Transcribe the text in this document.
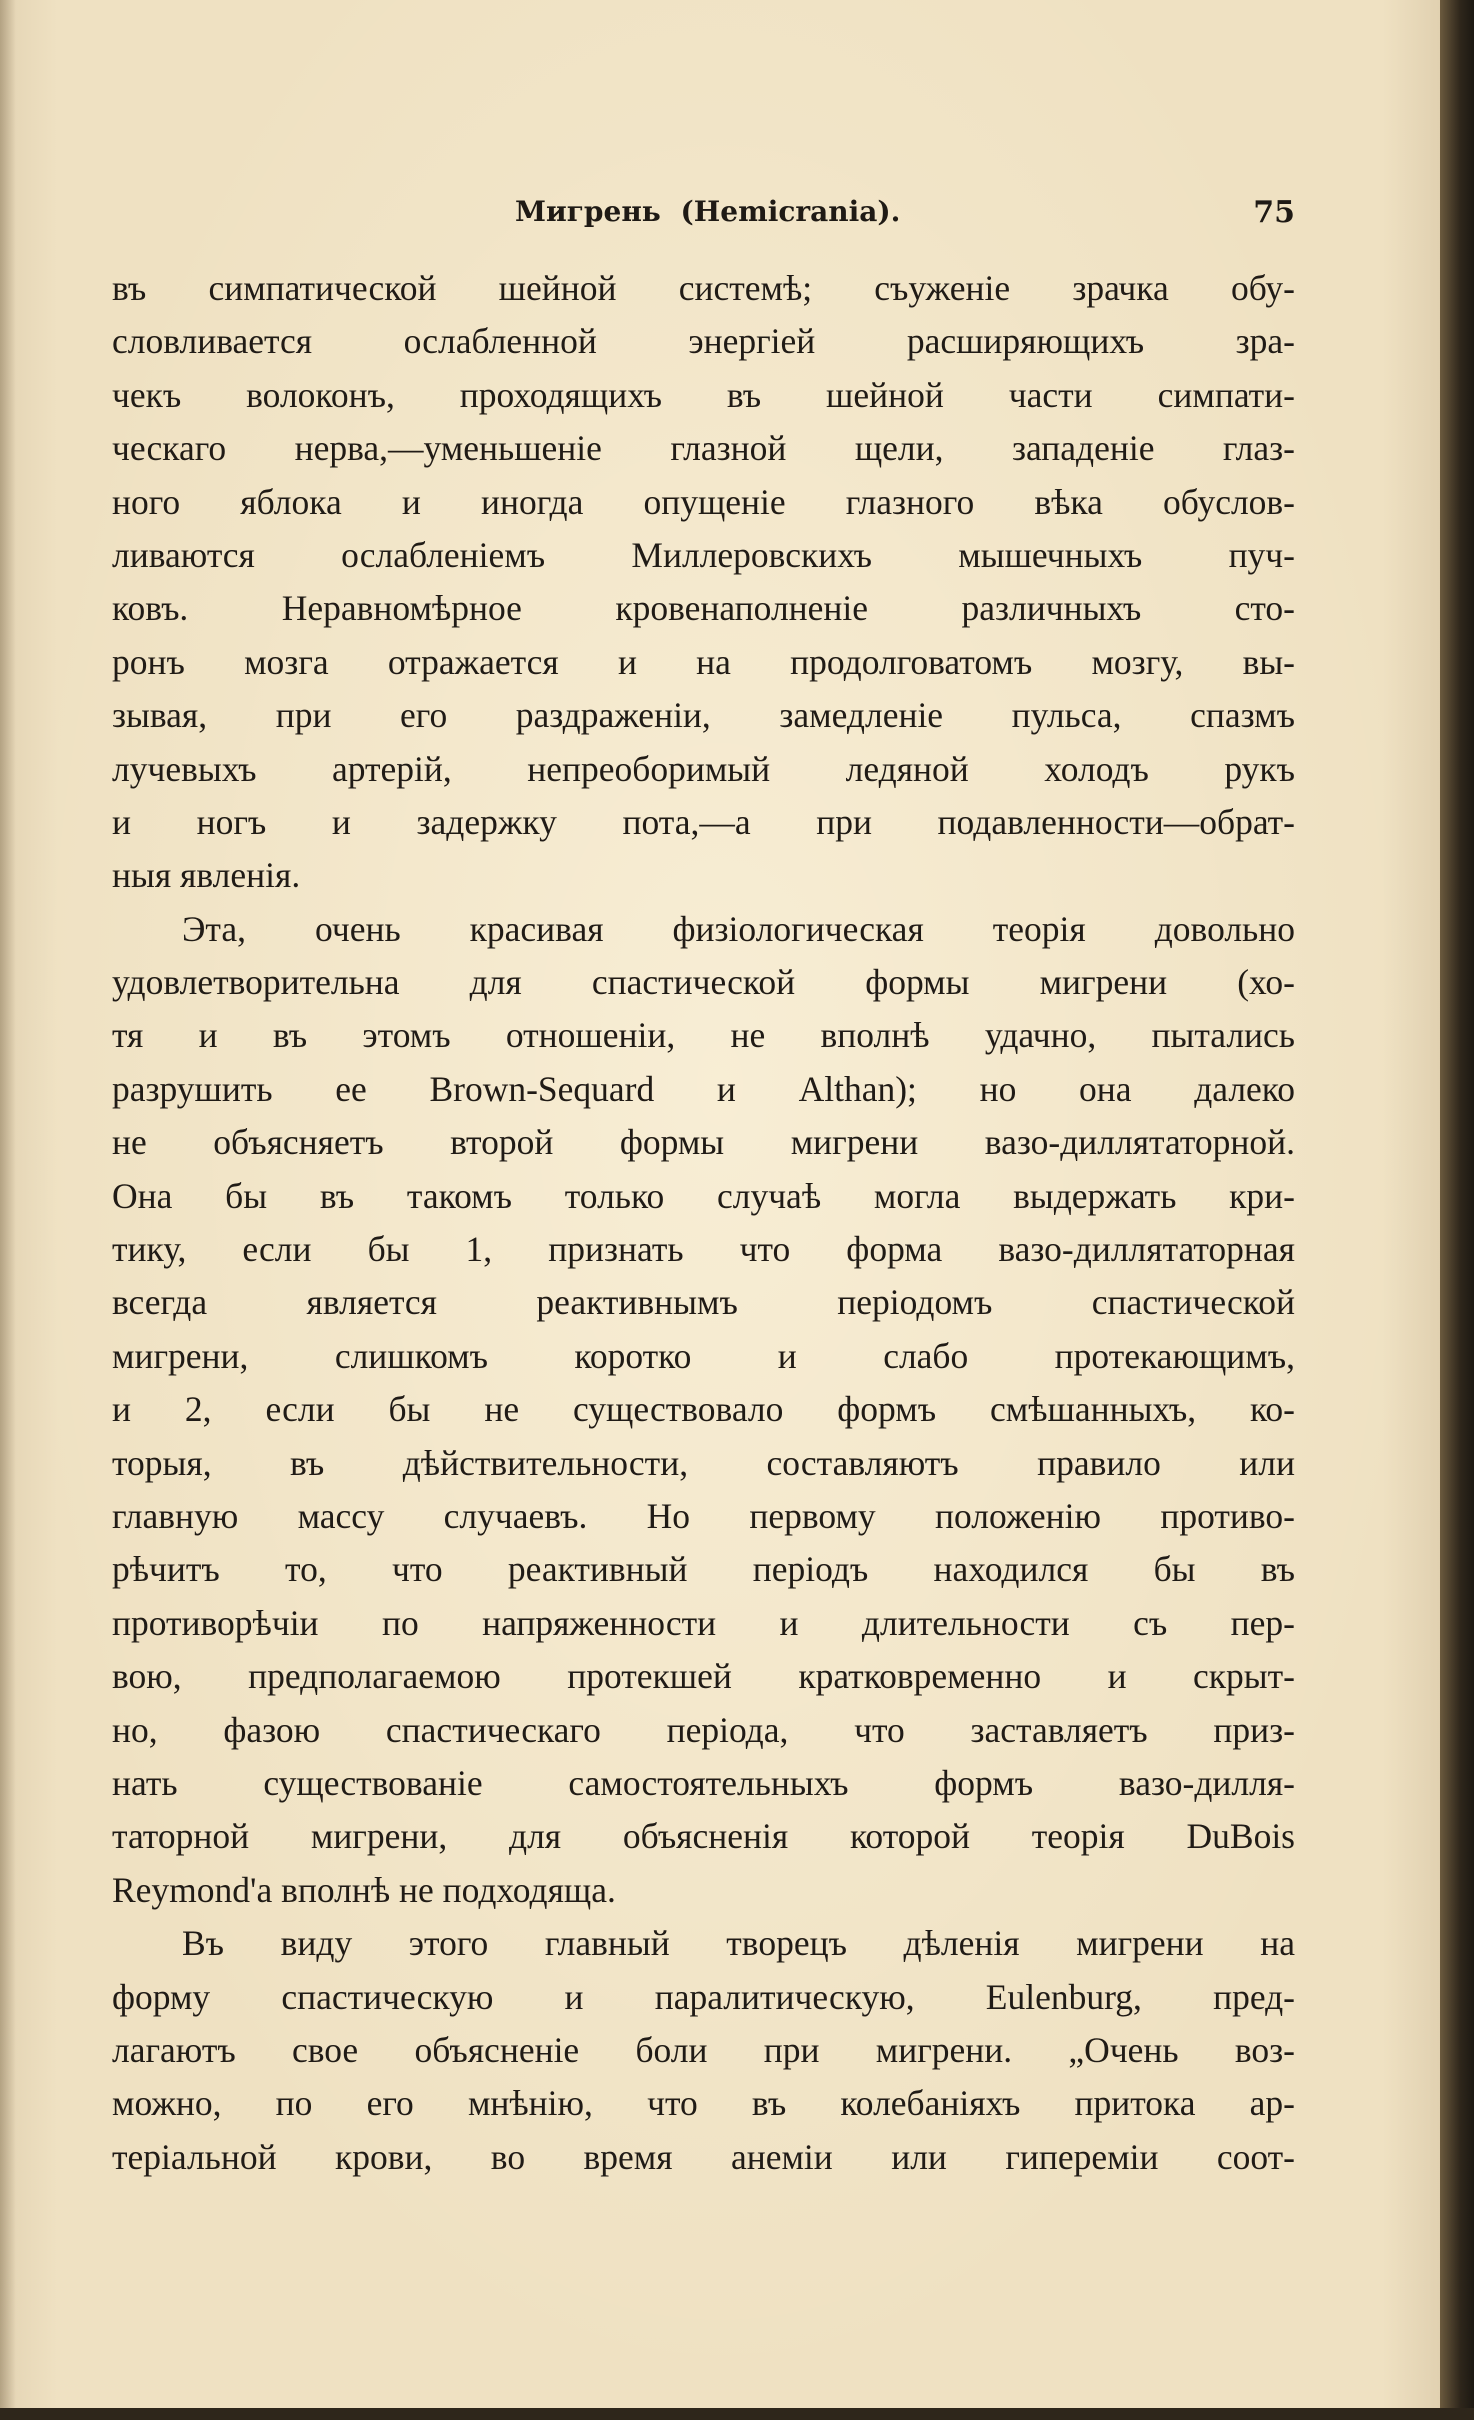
Мигрень (Hemicrania).	75
въ симпатической шейной системѣ; съуженіе зрачка обу-
словливается ослабленной энергіей расширяющихъ зра-
чекъ волоконъ, проходящихъ въ шейной части симпати-
ческаго нерва,—уменьшеніе глазной щели, западеніе глаз-
ного яблока и иногда опущеніе глазного вѣка обуслов-
ливаются ослабленіемъ Миллеровскихъ мышечныхъ пуч-
ковъ. Неравномѣрное кровенаполненіе различныхъ сто-
ронъ мозга отражается и на продолговатомъ мозгу, вы-
зывая, при его раздраженіи, замедленіе пульса, спазмъ
лучевыхъ артерій, непреоборимый ледяной холодъ рукъ
и ногъ и задержку пота,—а при подавленности—обрат-
ныя явленія.
Эта, очень красивая физіологическая теорія довольно
удовлетворительна для спастической формы мигрени (хо-
тя и въ этомъ отношеніи, не вполнѣ удачно, пытались
разрушить ее Brown-Sequard и Althan); но она далеко
не объясняетъ второй формы мигрени вазо-диллятаторной.
Она бы въ такомъ только случаѣ могла выдержать кри-
тику, если бы 1, признать что форма вазо-диллятаторная
всегда является реактивнымъ періодомъ спастической
мигрени, слишкомъ коротко и слабо протекающимъ,
и 2, если бы не существовало формъ смѣшанныхъ, ко-
торыя, въ дѣйствительности, составляютъ правило или
главную массу случаевъ. Но первому положенію противо-
рѣчитъ то, что реактивный періодъ находился бы въ
противорѣчіи по напряженности и длительности съ пер-
вою, предполагаемою протекшей кратковременно и скрыт-
но, фазою спастическаго періода, что заставляетъ приз-
нать существованіе самостоятельныхъ формъ вазо-дилля-
таторной мигрени, для объясненія которой теорія DuBois
Reymond'а вполнѣ не подходяща.
Въ виду этого главный творецъ дѣленія мигрени на
форму спастическую и паралитическую, Eulenburg, пред-
лагаютъ свое объясненіе боли при мигрени. „Очень воз-
можно, по его мнѣнію, что въ колебаніяхъ притока ар-
теріальной крови, во время анеміи или гипереміи соот-
